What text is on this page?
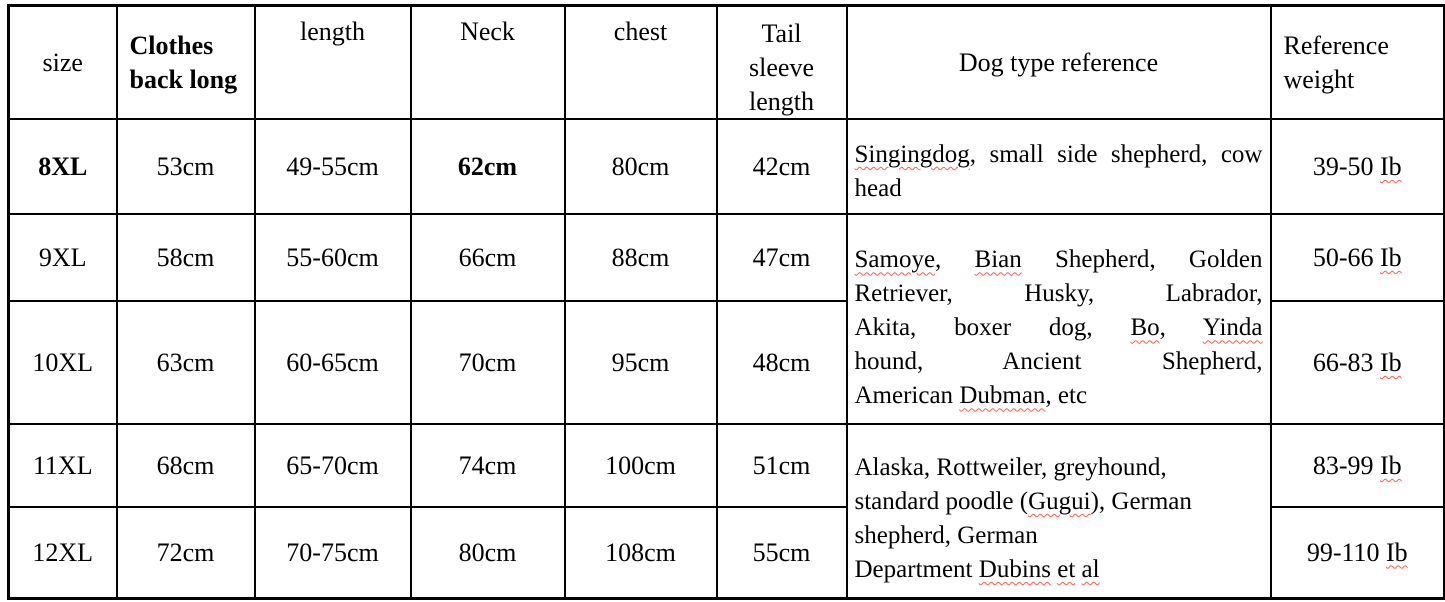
size	Clothes back long	length	Neck	chest	Tail sleeve length	Dog type reference	Reference weight
8XL	53cm	49-55cm	62cm	80cm	42cm	Singingdog, small side shepherd, cow
head	39-50 Ib
9XL	58cm	55-60cm	66cm	88cm	47cm	Samoye, Bian Shepherd, Golden
Retriever, Husky, Labrador,
Akita, boxer dog, Bo, Yinda
hound, Ancient Shepherd,
American Dubman, etc	50-66 Ib
10XL	63cm	60-65cm	70cm	95cm	48cm		66-83 Ib
11XL	68cm	65-70cm	74cm	100cm	51cm	Alaska, Rottweiler, greyhound,
standard poodle (Gugui), German
shepherd, German
Department Dubins et al	83-99 Ib
12XL	72cm	70-75cm	80cm	108cm	55cm		99-110 Ib
